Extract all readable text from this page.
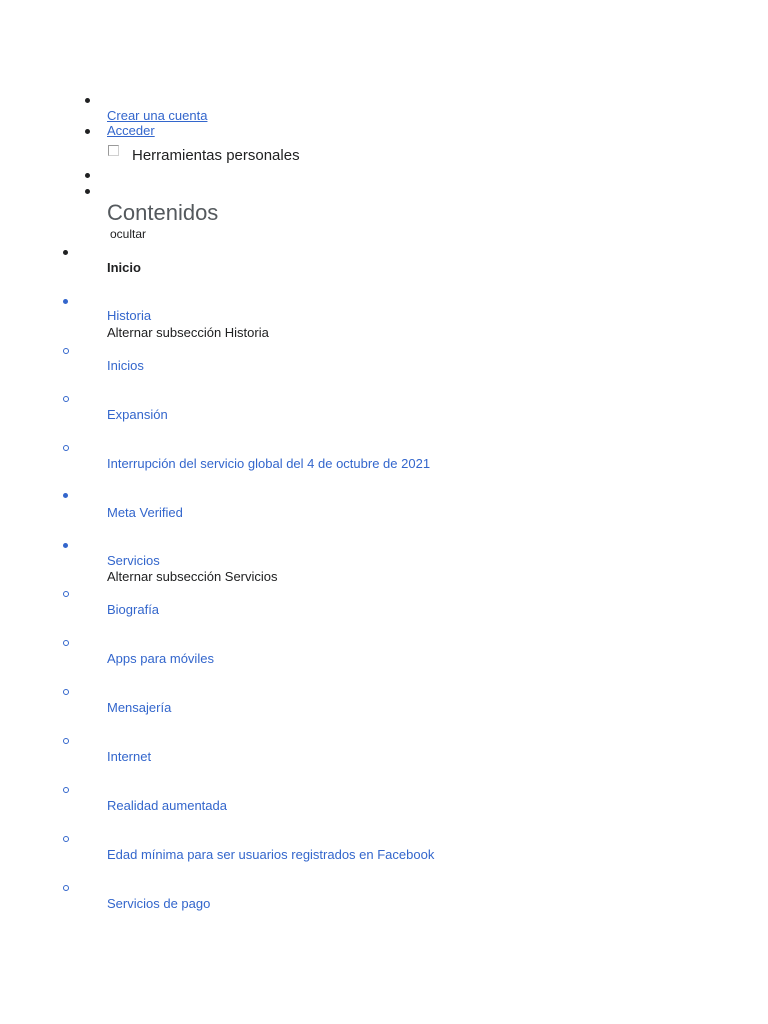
Crear una cuenta
Acceder
Herramientas personales
Contenidos
ocultar
Inicio
Historia
Alternar subsección Historia
Inicios
Expansión
Interrupción del servicio global del 4 de octubre de 2021
Meta Verified
Servicios
Alternar subsección Servicios
Biografía
Apps para móviles
Mensajería
Internet
Realidad aumentada
Edad mínima para ser usuarios registrados en Facebook
Servicios de pago
